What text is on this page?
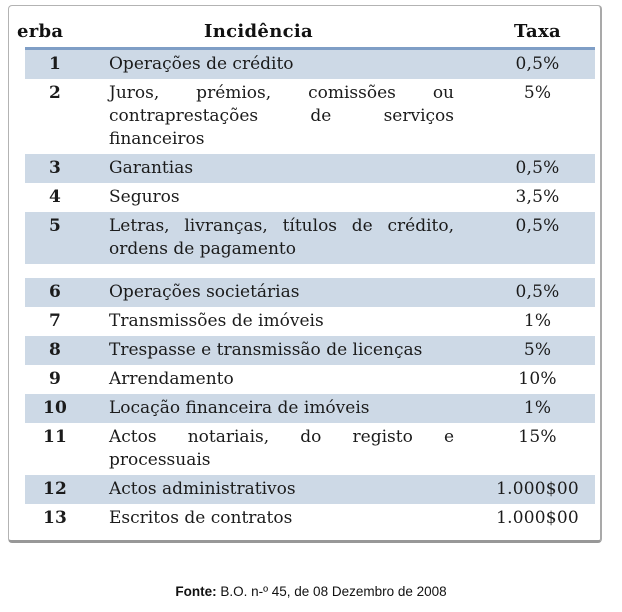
erba	Incidência	Taxa
1	Operações de crédito	0,5%
2	Juros, prémios, comissões ou contraprestações de serviços financeiros	5%
3	Garantias	0,5%
4	Seguros	3,5%
5	Letras, livranças, títulos de crédito, ordens de pagamento	0,5%

6	Operações societárias	0,5%
7	Transmissões de imóveis	1%
8	Trespasse e transmissão de licenças	5%
9	Arrendamento	10%
10	Locação financeira de imóveis	1%
11	Actos notariais, do registo e processuais	15%
12	Actos administrativos	1.000$00
13	Escritos de contratos	1.000$00
Fonte: B.O. n-º 45, de 08 Dezembro de 2008
